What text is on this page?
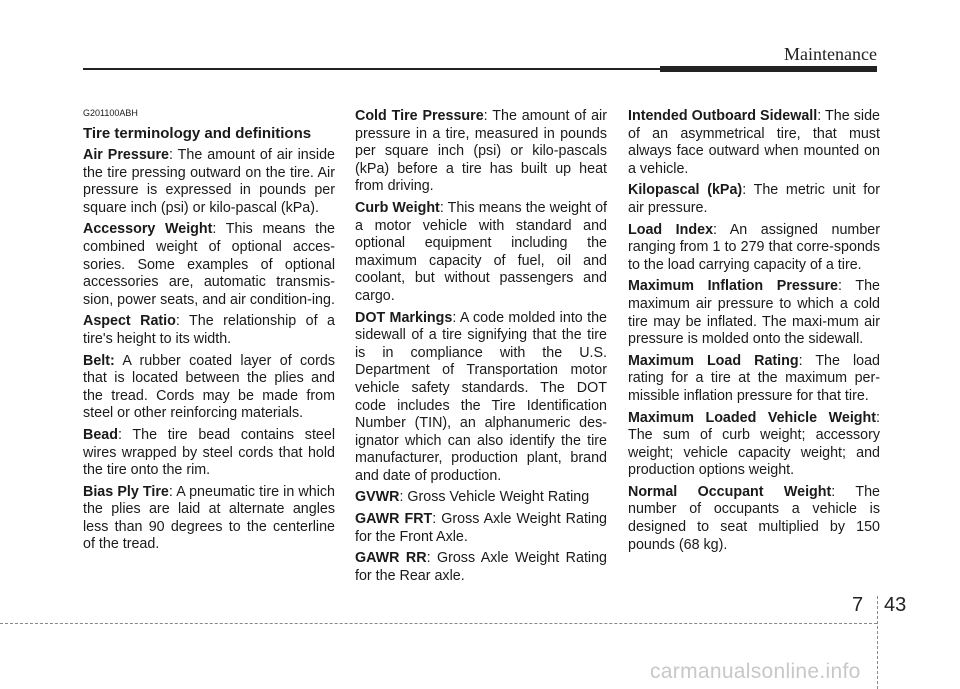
Maintenance
G201100ABH
Tire terminology and definitions
Air Pressure: The amount of air inside the tire pressing outward on the tire. Air pressure is expressed in pounds per square inch (psi) or kilo-pascal (kPa).
Accessory Weight: This means the combined weight of optional acces-sories. Some examples of optional accessories are, automatic transmis-sion, power seats, and air condition-ing.
Aspect Ratio: The relationship of a tire's height to its width.
Belt: A rubber coated layer of cords that is located between the plies and the tread. Cords may be made from steel or other reinforcing materials.
Bead: The tire bead contains steel wires wrapped by steel cords that hold the tire onto the rim.
Bias Ply Tire: A pneumatic tire in which the plies are laid at alternate angles less than 90 degrees to the centerline of the tread.
Cold Tire Pressure: The amount of air pressure in a tire, measured in pounds per square inch (psi) or kilo-pascals (kPa) before a tire has built up heat from driving.
Curb Weight: This means the weight of a motor vehicle with standard and optional equipment including the maximum capacity of fuel, oil and coolant, but without passengers and cargo.
DOT Markings: A code molded into the sidewall of a tire signifying that the tire is in compliance with the U.S. Department of Transportation motor vehicle safety standards. The DOT code includes the Tire Identification Number (TIN), an alphanumeric des-ignator which can also identify the tire manufacturer, production plant, brand and date of production.
GVWR: Gross Vehicle Weight Rating
GAWR FRT: Gross Axle Weight Rating for the Front Axle.
GAWR RR: Gross Axle Weight Rating for the Rear axle.
Intended Outboard Sidewall: The side of an asymmetrical tire, that must always face outward when mounted on a vehicle.
Kilopascal (kPa): The metric unit for air pressure.
Load Index: An assigned number ranging from 1 to 279 that corre-sponds to the load carrying capacity of a tire.
Maximum Inflation Pressure: The maximum air pressure to which a cold tire may be inflated. The maxi-mum air pressure is molded onto the sidewall.
Maximum Load Rating: The load rating for a tire at the maximum per-missible inflation pressure for that tire.
Maximum Loaded Vehicle Weight: The sum of curb weight; accessory weight; vehicle capacity weight; and production options weight.
Normal Occupant Weight: The number of occupants a vehicle is designed to seat multiplied by 150 pounds (68 kg).
7 43
carmanualsonline.info
